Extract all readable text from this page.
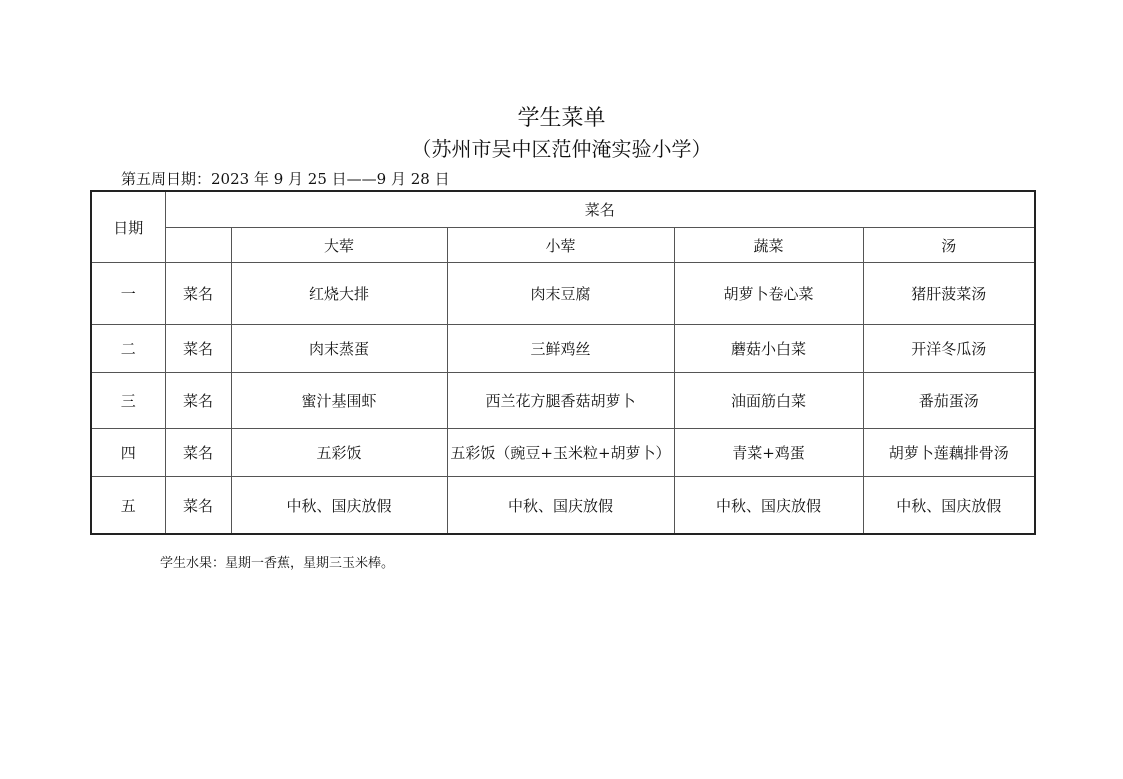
学生菜单
（苏州市吴中区范仲淹实验小学）
第五周日期：2023 年 9 月 25 日——9 月 28 日
日期	菜名				
		大荤	小荤	蔬菜	汤
一	菜名	红烧大排	肉末豆腐	胡萝卜卷心菜	猪肝菠菜汤
二	菜名	肉末蒸蛋	三鲜鸡丝	蘑菇小白菜	开洋冬瓜汤
三	菜名	蜜汁基围虾	西兰花方腿香菇胡萝卜	油面筋白菜	番茄蛋汤
四	菜名	五彩饭	五彩饭（豌豆+玉米粒+胡萝卜）	青菜+鸡蛋	胡萝卜莲藕排骨汤
五	菜名	中秋、国庆放假	中秋、国庆放假	中秋、国庆放假	中秋、国庆放假
学生水果：星期一香蕉，星期三玉米棒。
